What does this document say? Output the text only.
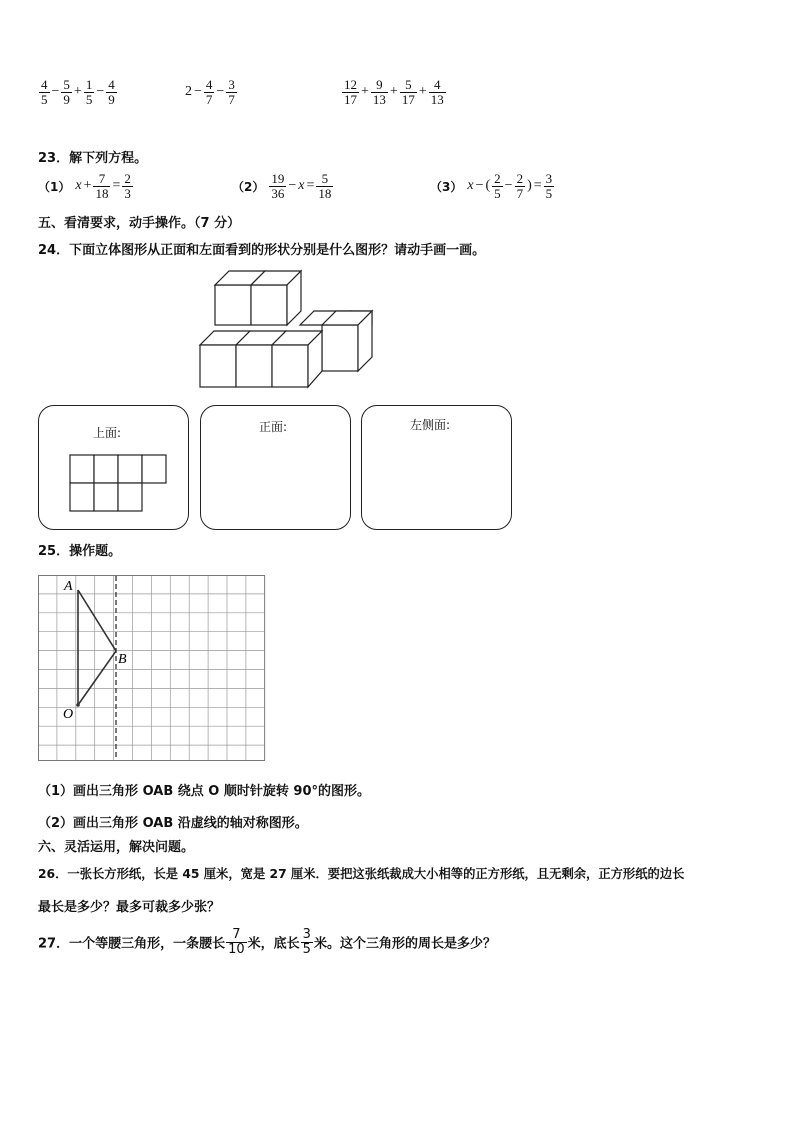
$\frac{4}{5} - \frac{5}{9} + \frac{1}{5} - \frac{4}{9}$	$2 - \frac{4}{7} - \frac{3}{7}$	$\frac{12}{17} + \frac{9}{13} + \frac{5}{17} + \frac{4}{13}$
23．解下列方程。
（1） $x + \frac{7}{18} = \frac{2}{3}$	$(2) \frac{19}{36} - x = \frac{5}{18}$	（3） x − ( $\frac{2}{5} - \frac{2}{7}$ ) = $\frac{3}{5}$
五、看清要求，动手操作。（7 分）
24．下面立体图形从正面和左面看到的形状分别是什么图形？请动手画一画。
上面:	正面:	左侧面:
25．操作题。
A
B
O
（1）画出三角形 OAB 绕点 O 顺时针旋转 90°的图形。
（2）画出三角形 OAB 沿虚线的轴对称图形。
六、灵活运用，解决问题。
26．一张长方形纸，长是 45 厘米，宽是 27 厘米．要把这张纸裁成大小相等的正方形纸，且无剩余，正方形纸的边长
最长是多少？最多可裁多少张？
27．一个等腰三角形，一条腰长 $\frac{7}{10}$ 米，底长 $\frac{3}{5}$ 米。这个三角形的周长是多少？
